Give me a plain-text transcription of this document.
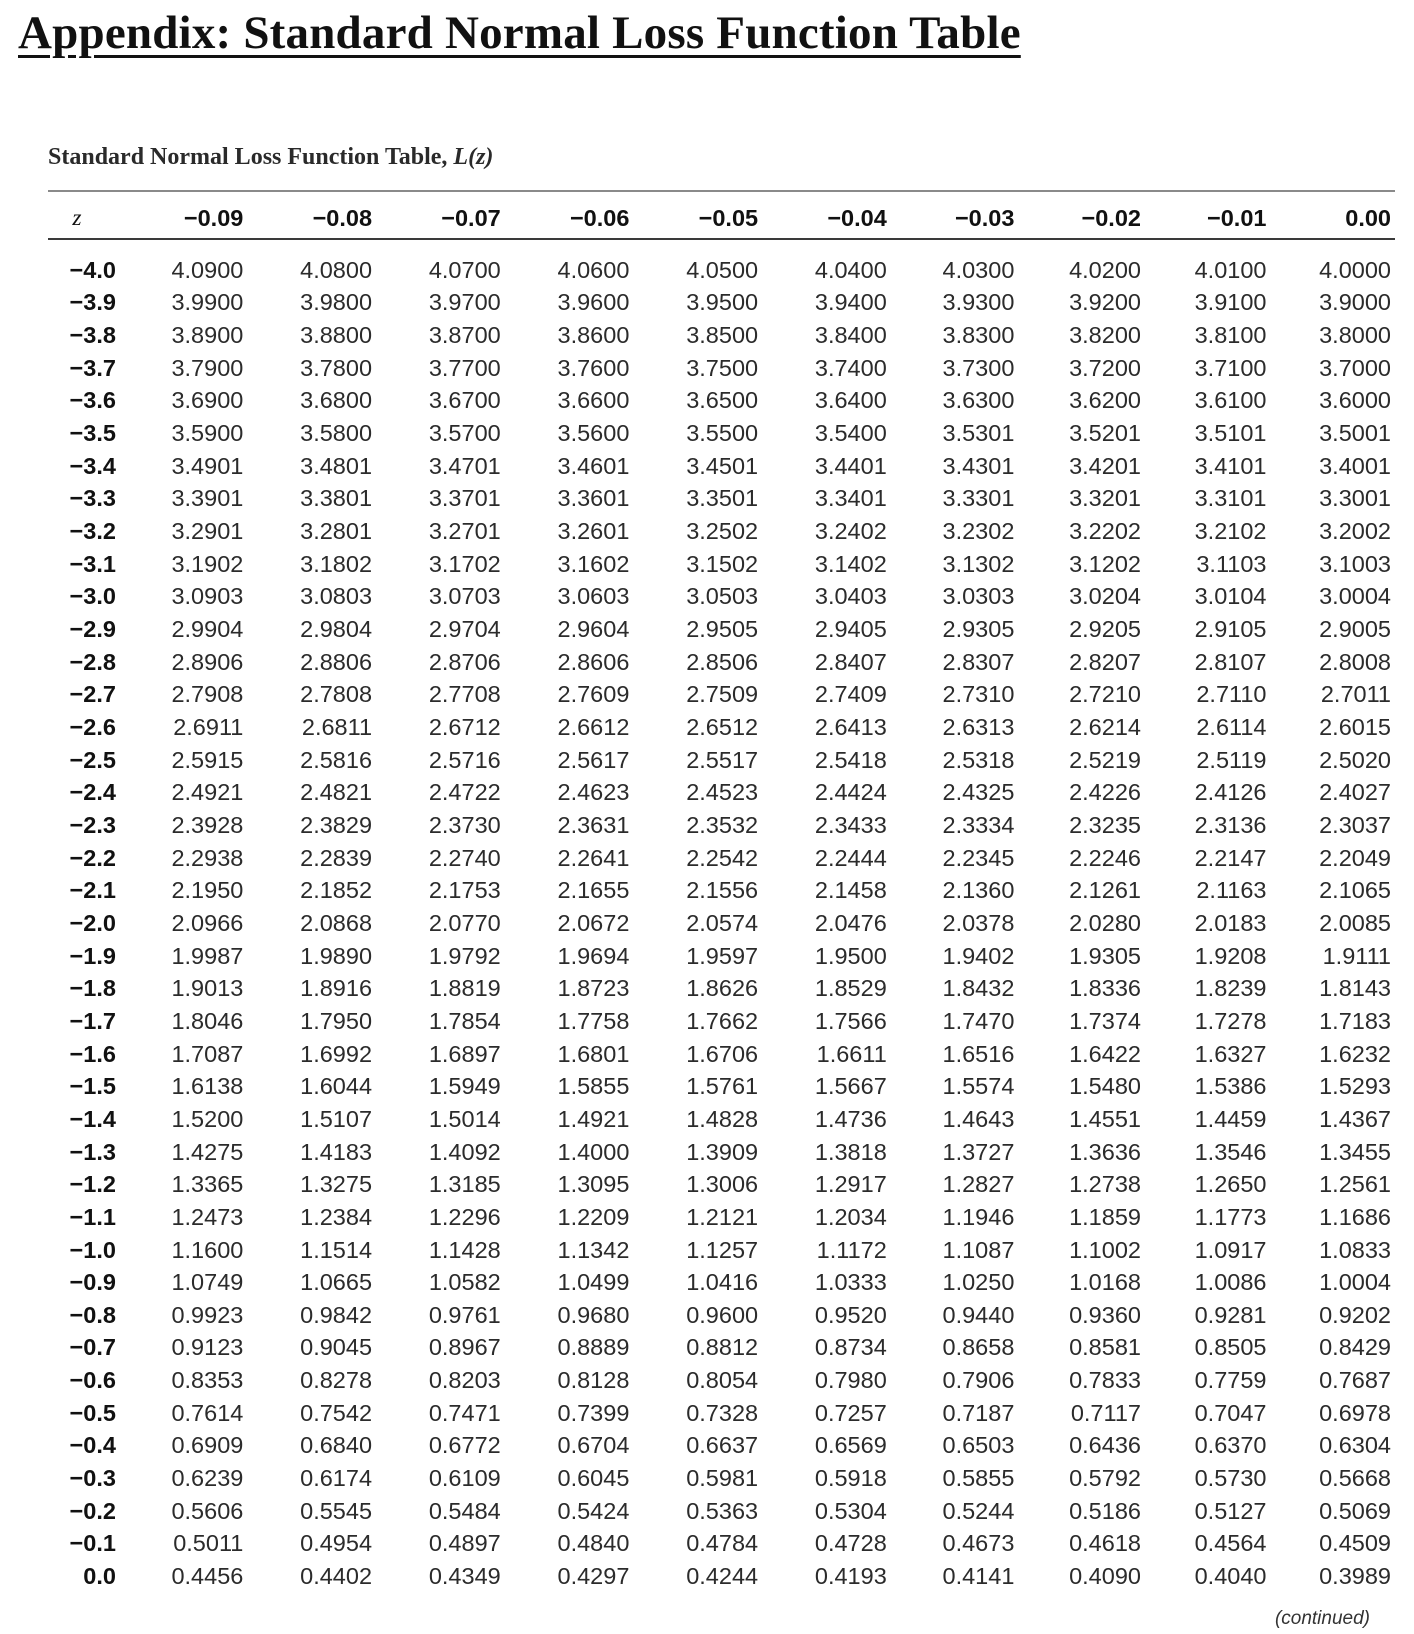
Appendix: Standard Normal Loss Function Table
Standard Normal Loss Function Table, L(z)
z	−0.09	−0.08	−0.07	−0.06	−0.05	−0.04	−0.03	−0.02	−0.01	0.00

−4.0	4.0900	4.0800	4.0700	4.0600	4.0500	4.0400	4.0300	4.0200	4.0100	4.0000
−3.9	3.9900	3.9800	3.9700	3.9600	3.9500	3.9400	3.9300	3.9200	3.9100	3.9000
−3.8	3.8900	3.8800	3.8700	3.8600	3.8500	3.8400	3.8300	3.8200	3.8100	3.8000
−3.7	3.7900	3.7800	3.7700	3.7600	3.7500	3.7400	3.7300	3.7200	3.7100	3.7000
−3.6	3.6900	3.6800	3.6700	3.6600	3.6500	3.6400	3.6300	3.6200	3.6100	3.6000
−3.5	3.5900	3.5800	3.5700	3.5600	3.5500	3.5400	3.5301	3.5201	3.5101	3.5001
−3.4	3.4901	3.4801	3.4701	3.4601	3.4501	3.4401	3.4301	3.4201	3.4101	3.4001
−3.3	3.3901	3.3801	3.3701	3.3601	3.3501	3.3401	3.3301	3.3201	3.3101	3.3001
−3.2	3.2901	3.2801	3.2701	3.2601	3.2502	3.2402	3.2302	3.2202	3.2102	3.2002
−3.1	3.1902	3.1802	3.1702	3.1602	3.1502	3.1402	3.1302	3.1202	3.1103	3.1003
−3.0	3.0903	3.0803	3.0703	3.0603	3.0503	3.0403	3.0303	3.0204	3.0104	3.0004
−2.9	2.9904	2.9804	2.9704	2.9604	2.9505	2.9405	2.9305	2.9205	2.9105	2.9005
−2.8	2.8906	2.8806	2.8706	2.8606	2.8506	2.8407	2.8307	2.8207	2.8107	2.8008
−2.7	2.7908	2.7808	2.7708	2.7609	2.7509	2.7409	2.7310	2.7210	2.7110	2.7011
−2.6	2.6911	2.6811	2.6712	2.6612	2.6512	2.6413	2.6313	2.6214	2.6114	2.6015
−2.5	2.5915	2.5816	2.5716	2.5617	2.5517	2.5418	2.5318	2.5219	2.5119	2.5020
−2.4	2.4921	2.4821	2.4722	2.4623	2.4523	2.4424	2.4325	2.4226	2.4126	2.4027
−2.3	2.3928	2.3829	2.3730	2.3631	2.3532	2.3433	2.3334	2.3235	2.3136	2.3037
−2.2	2.2938	2.2839	2.2740	2.2641	2.2542	2.2444	2.2345	2.2246	2.2147	2.2049
−2.1	2.1950	2.1852	2.1753	2.1655	2.1556	2.1458	2.1360	2.1261	2.1163	2.1065
−2.0	2.0966	2.0868	2.0770	2.0672	2.0574	2.0476	2.0378	2.0280	2.0183	2.0085
−1.9	1.9987	1.9890	1.9792	1.9694	1.9597	1.9500	1.9402	1.9305	1.9208	1.9111
−1.8	1.9013	1.8916	1.8819	1.8723	1.8626	1.8529	1.8432	1.8336	1.8239	1.8143
−1.7	1.8046	1.7950	1.7854	1.7758	1.7662	1.7566	1.7470	1.7374	1.7278	1.7183
−1.6	1.7087	1.6992	1.6897	1.6801	1.6706	1.6611	1.6516	1.6422	1.6327	1.6232
−1.5	1.6138	1.6044	1.5949	1.5855	1.5761	1.5667	1.5574	1.5480	1.5386	1.5293
−1.4	1.5200	1.5107	1.5014	1.4921	1.4828	1.4736	1.4643	1.4551	1.4459	1.4367
−1.3	1.4275	1.4183	1.4092	1.4000	1.3909	1.3818	1.3727	1.3636	1.3546	1.3455
−1.2	1.3365	1.3275	1.3185	1.3095	1.3006	1.2917	1.2827	1.2738	1.2650	1.2561
−1.1	1.2473	1.2384	1.2296	1.2209	1.2121	1.2034	1.1946	1.1859	1.1773	1.1686
−1.0	1.1600	1.1514	1.1428	1.1342	1.1257	1.1172	1.1087	1.1002	1.0917	1.0833
−0.9	1.0749	1.0665	1.0582	1.0499	1.0416	1.0333	1.0250	1.0168	1.0086	1.0004
−0.8	0.9923	0.9842	0.9761	0.9680	0.9600	0.9520	0.9440	0.9360	0.9281	0.9202
−0.7	0.9123	0.9045	0.8967	0.8889	0.8812	0.8734	0.8658	0.8581	0.8505	0.8429
−0.6	0.8353	0.8278	0.8203	0.8128	0.8054	0.7980	0.7906	0.7833	0.7759	0.7687
−0.5	0.7614	0.7542	0.7471	0.7399	0.7328	0.7257	0.7187	0.7117	0.7047	0.6978
−0.4	0.6909	0.6840	0.6772	0.6704	0.6637	0.6569	0.6503	0.6436	0.6370	0.6304
−0.3	0.6239	0.6174	0.6109	0.6045	0.5981	0.5918	0.5855	0.5792	0.5730	0.5668
−0.2	0.5606	0.5545	0.5484	0.5424	0.5363	0.5304	0.5244	0.5186	0.5127	0.5069
−0.1	0.5011	0.4954	0.4897	0.4840	0.4784	0.4728	0.4673	0.4618	0.4564	0.4509
0.0	0.4456	0.4402	0.4349	0.4297	0.4244	0.4193	0.4141	0.4090	0.4040	0.3989
(continued)
